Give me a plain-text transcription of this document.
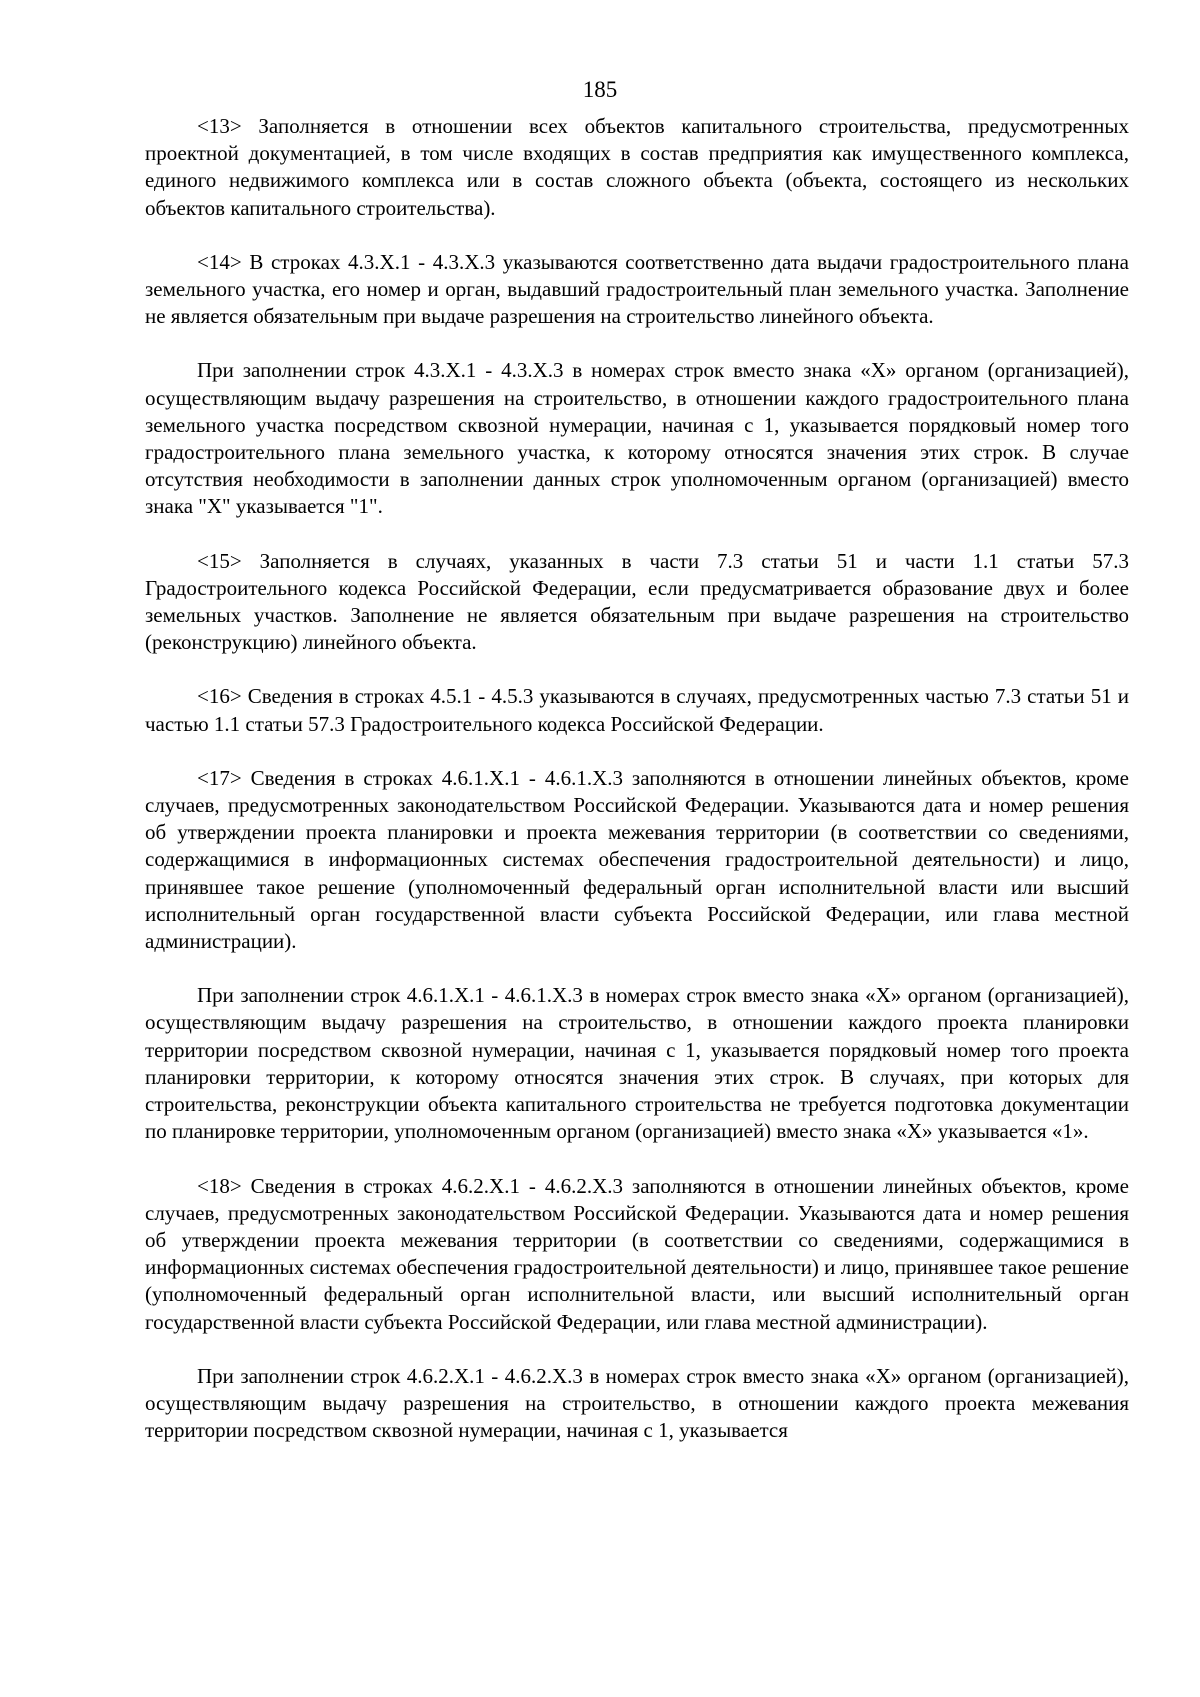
185

<13> Заполняется в отношении всех объектов капитального строительства, предусмотренных проектной документацией, в том числе входящих в состав предприятия как имущественного комплекса, единого недвижимого комплекса или в состав сложного объекта (объекта, состоящего из нескольких объектов капитального строительства).

<14> В строках 4.3.X.1 - 4.3.X.3 указываются соответственно дата выдачи градостроительного плана земельного участка, его номер и орган, выдавший градостроительный план земельного участка. Заполнение не является обязательным при выдаче разрешения на строительство линейного объекта.

При заполнении строк 4.3.X.1 - 4.3.X.3 в номерах строк вместо знака «X» органом (организацией), осуществляющим выдачу разрешения на строительство, в отношении каждого градостроительного плана земельного участка посредством сквозной нумерации, начиная с 1, указывается порядковый номер того градостроительного плана земельного участка, к которому относятся значения этих строк. В случае отсутствия необходимости в заполнении данных строк уполномоченным органом (организацией) вместо знака "X" указывается "1".

<15> Заполняется в случаях, указанных в части 7.3 статьи 51 и части 1.1 статьи 57.3 Градостроительного кодекса Российской Федерации, если предусматривается образование двух и более земельных участков. Заполнение не является обязательным при выдаче разрешения на строительство (реконструкцию) линейного объекта.

<16> Сведения в строках 4.5.1 - 4.5.3 указываются в случаях, предусмотренных частью 7.3 статьи 51 и частью 1.1 статьи 57.3 Градостроительного кодекса Российской Федерации.

<17> Сведения в строках 4.6.1.X.1 - 4.6.1.X.3 заполняются в отношении линейных объектов, кроме случаев, предусмотренных законодательством Российской Федерации. Указываются дата и номер решения об утверждении проекта планировки и проекта межевания территории (в соответствии со сведениями, содержащимися в информационных системах обеспечения градостроительной деятельности) и лицо, принявшее такое решение (уполномоченный федеральный орган исполнительной власти или высший исполнительный орган государственной власти субъекта Российской Федерации, или глава местной администрации).

При заполнении строк 4.6.1.X.1 - 4.6.1.X.3 в номерах строк вместо знака «X» органом (организацией), осуществляющим выдачу разрешения на строительство, в отношении каждого проекта планировки территории посредством сквозной нумерации, начиная с 1, указывается порядковый номер того проекта планировки территории, к которому относятся значения этих строк. В случаях, при которых для строительства, реконструкции объекта капитального строительства не требуется подготовка документации по планировке территории, уполномоченным органом (организацией) вместо знака «X» указывается «1».

<18> Сведения в строках 4.6.2.X.1 - 4.6.2.X.3 заполняются в отношении линейных объектов, кроме случаев, предусмотренных законодательством Российской Федерации. Указываются дата и номер решения об утверждении проекта межевания территории (в соответствии со сведениями, содержащимися в информационных системах обеспечения градостроительной деятельности) и лицо, принявшее такое решение (уполномоченный федеральный орган исполнительной власти, или высший исполнительный орган государственной власти субъекта Российской Федерации, или глава местной администрации).

При заполнении строк 4.6.2.X.1 - 4.6.2.X.3 в номерах строк вместо знака «X» органом (организацией), осуществляющим выдачу разрешения на строительство, в отношении каждого проекта межевания территории посредством сквозной нумерации, начиная с 1, указывается
